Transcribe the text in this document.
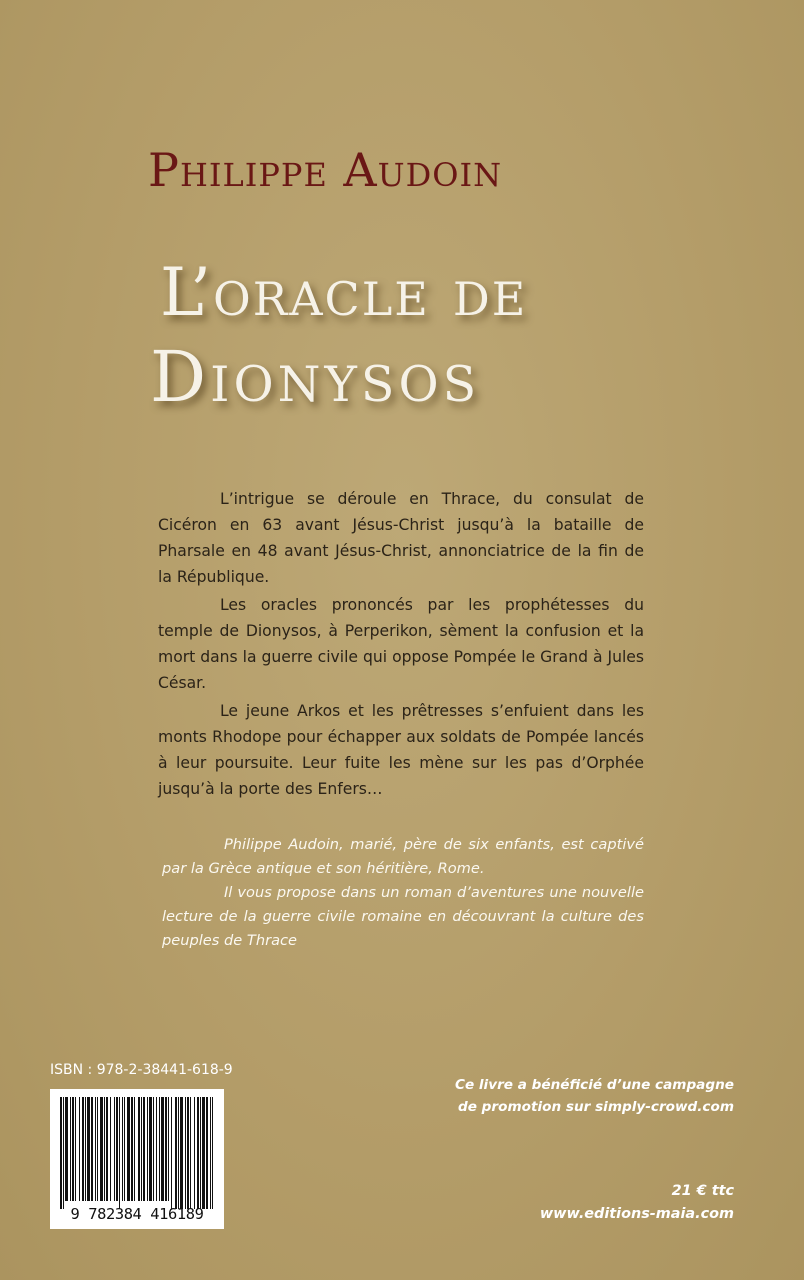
Philippe Audoin
L’oracle de
Dionysos

L’intrigue se déroule en Thrace, du consulat de Cicéron en 63 avant Jésus-Christ jusqu’à la bataille de Pharsale en 48 avant Jésus-Christ, annonciatrice de la fin de la République.

Les oracles prononcés par les prophétesses du temple de Dionysos, à Perperikon, sèment la confusion et la mort dans la guerre civile qui oppose Pompée le Grand à Jules César.

Le jeune Arkos et les prêtresses s’enfuient dans les monts Rhodope pour échapper aux soldats de Pompée lancés à leur poursuite. Leur fuite les mène sur les pas d’Orphée jusqu’à la porte des Enfers…

Philippe Audoin, marié, père de six enfants, est captivé par la Grèce antique et son héritière, Rome.

Il vous propose dans un roman d’aventures une nouvelle lecture de la guerre civile romaine en découvrant la culture des peuples de Thrace

ISBN : 978-2-38441-618-9
9 782384 416189
Ce livre a bénéficié d’une campagne
de promotion sur simply-crowd.com
21 € ttc
www.editions-maia.com
